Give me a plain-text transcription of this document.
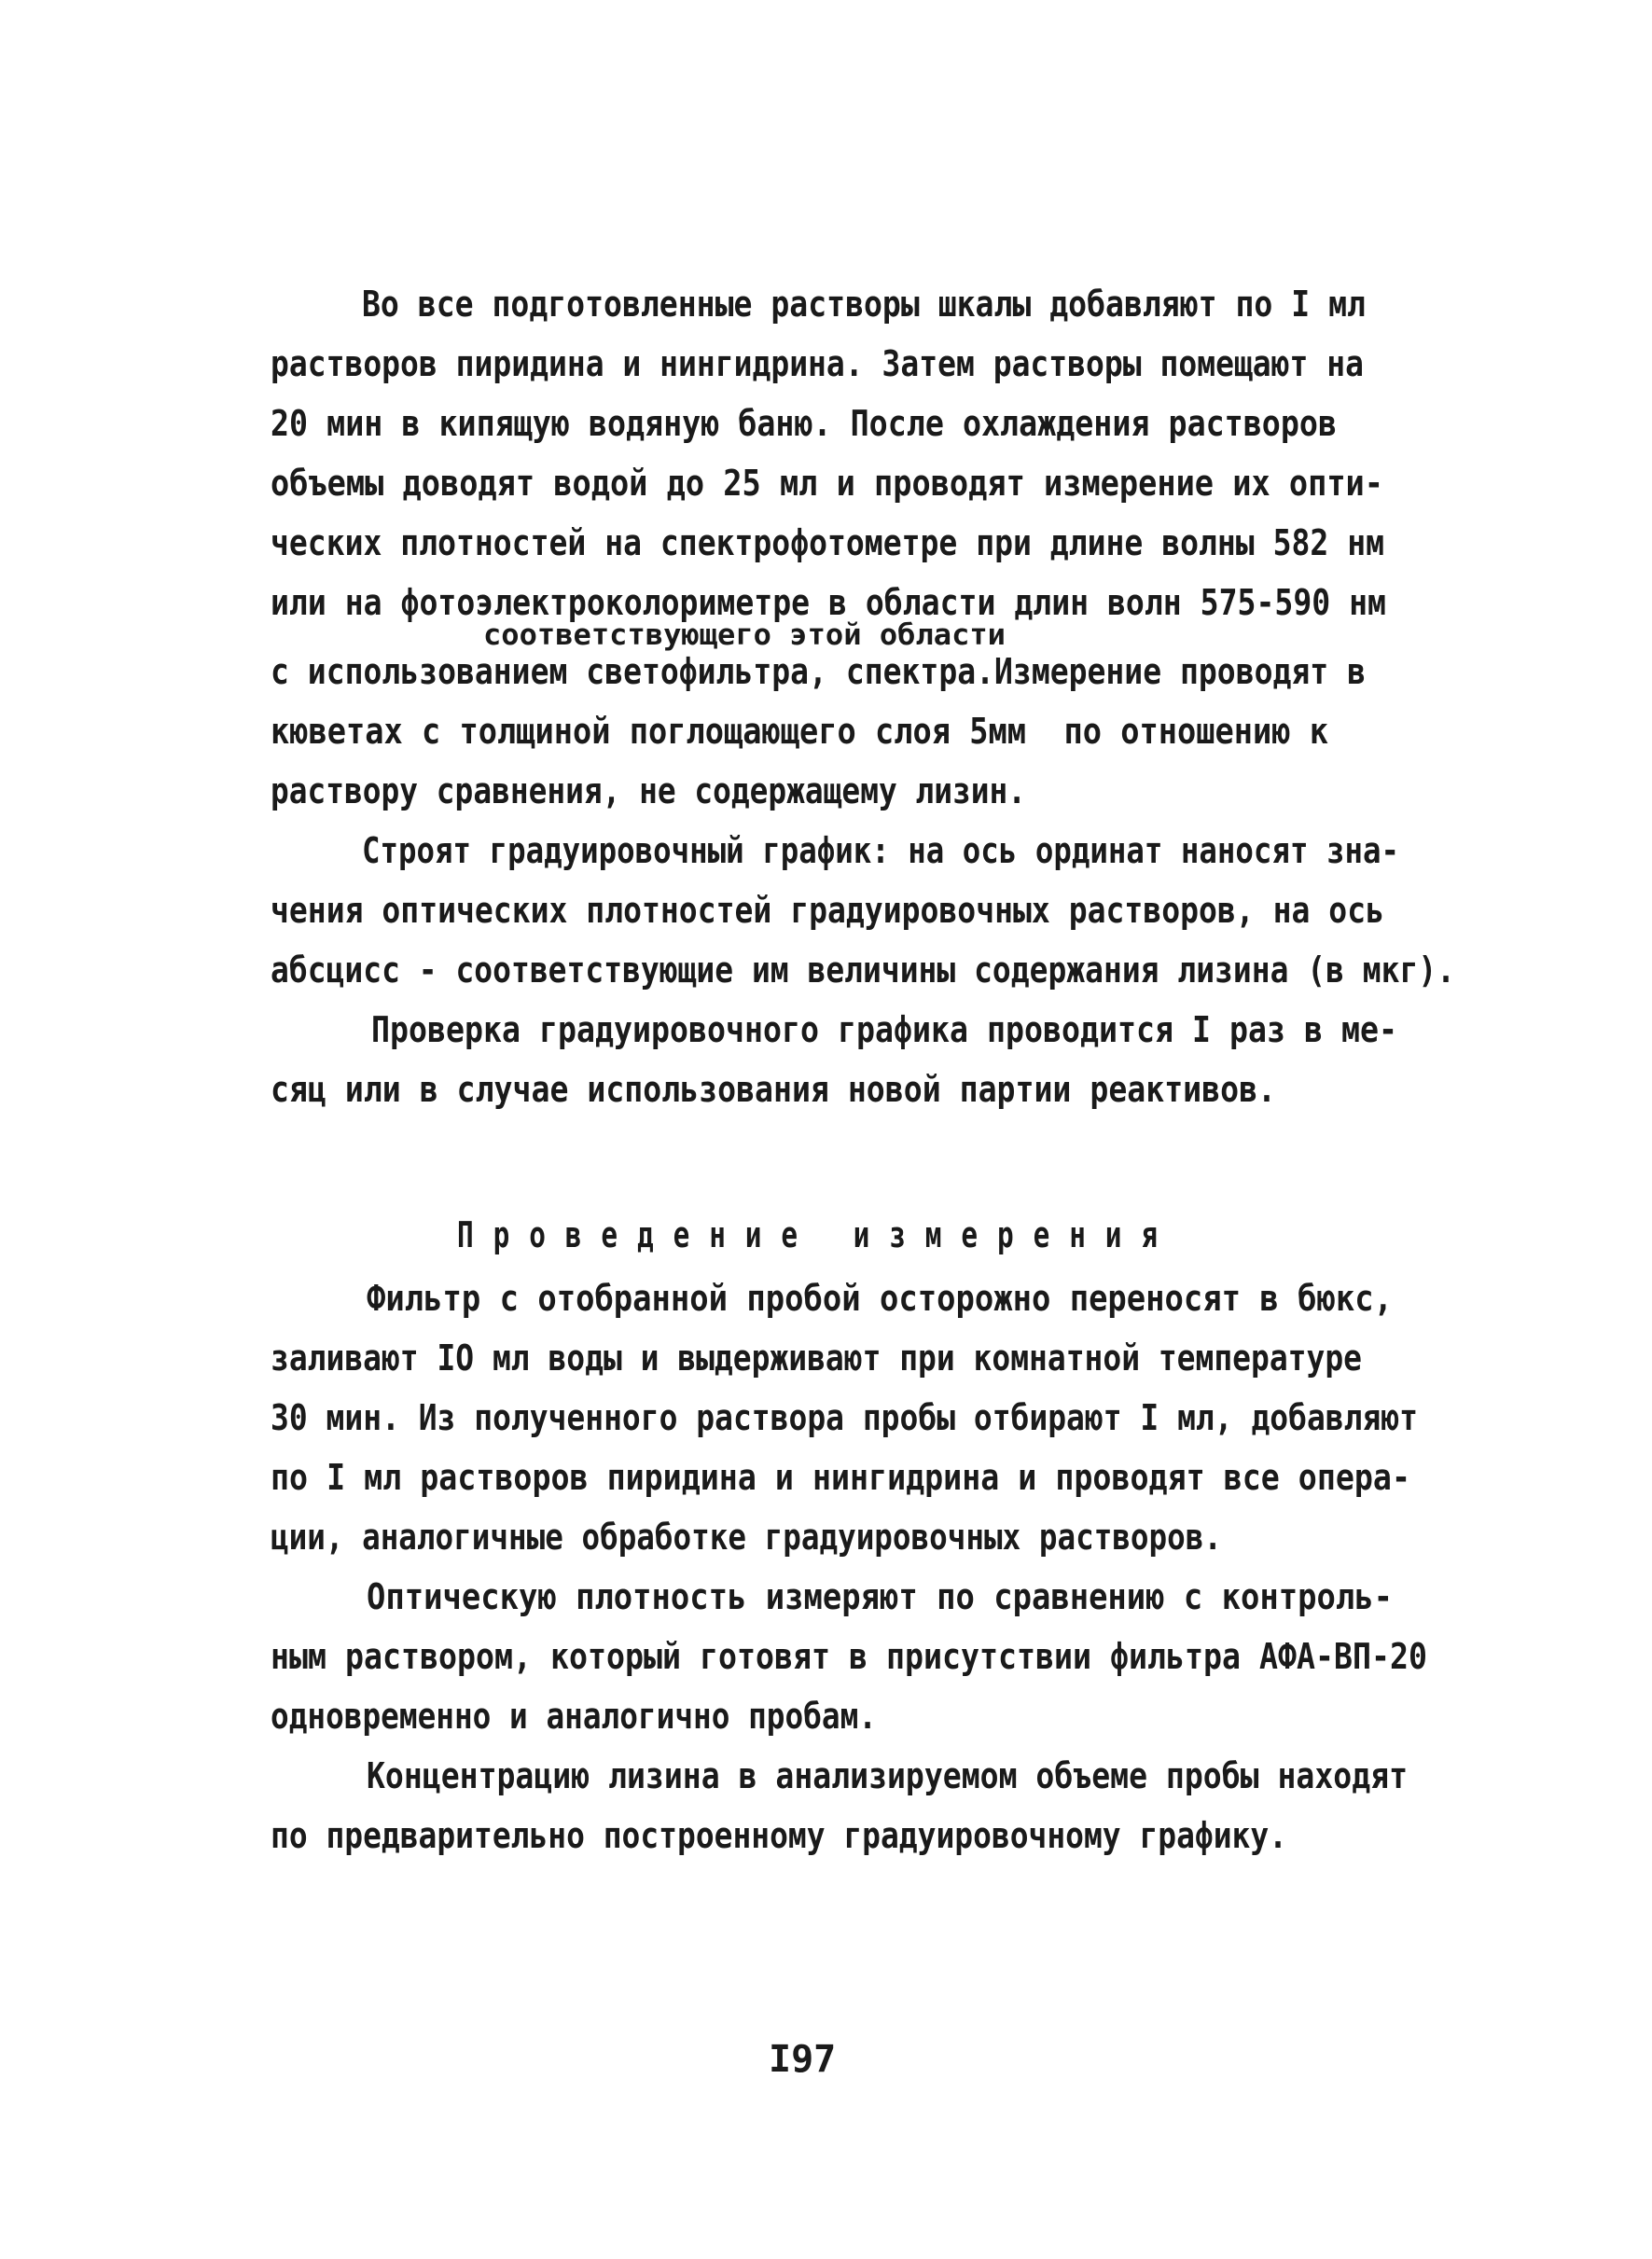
Во все подготовленные растворы шкалы добавляют по I мл
растворов пиридина и нингидрина. Затем растворы помещают на
20 мин в кипящую водяную баню. После охлаждения растворов
объемы доводят водой до 25 мл и проводят измерение их опти-
ческих плотностей на спектрофотометре при длине волны 582 нм
или на фотоэлектроколориметре в области длин волн 575-590 нм
соответствующего этой области
с использованием светофильтра, спектра.Измерение проводят в
кюветах с толщиной поглощающего слоя 5мм  по отношению к
раствору сравнения, не содержащему лизин.
Строят градуировочный график: на ось ординат наносят зна-
чения оптических плотностей градуировочных растворов, на ось
абсцисс - соответствующие им величины содержания лизина (в мкг).
Проверка градуировочного графика проводится I раз в ме-
сяц или в случае использования новой партии реактивов.
Проведение измерения
Фильтр с отобранной пробой осторожно переносят в бюкс,
заливают IO мл воды и выдерживают при комнатной температуре
30 мин. Из полученного раствора пробы отбирают I мл, добавляют
по I мл растворов пиридина и нингидрина и проводят все опера-
ции, аналогичные обработке градуировочных растворов.
Оптическую плотность измеряют по сравнению с контроль-
ным раствором, который готовят в присутствии фильтра АФА-ВП-20
одновременно и аналогично пробам.
Концентрацию лизина в анализируемом объеме пробы находят
по предварительно построенному градуировочному графику.
I97
